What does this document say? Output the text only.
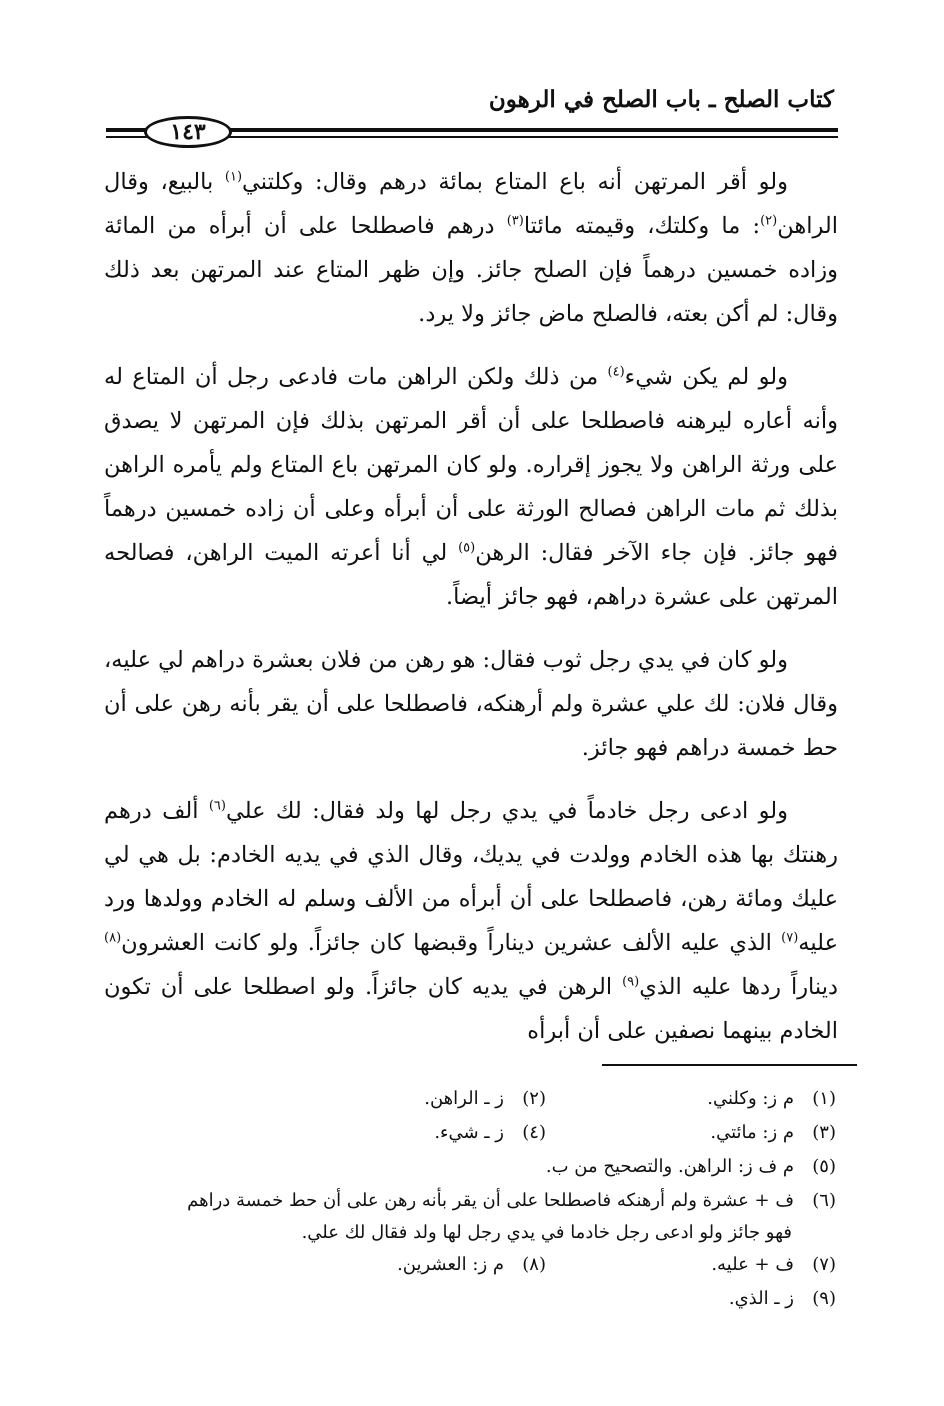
كتاب الصلح ـ باب الصلح في الرهون
١٤٣

ولو أقر المرتهن أنه باع المتاع بمائة درهم وقال: وكلتني$^{(١)}$ بالبيع، وقال الراهن$^{(٢)}$: ما وكلتك، وقيمته مائتا$^{(٣)}$ درهم فاصطلحا على أن أبرأه من المائة وزاده خمسين درهماً فإن الصلح جائز. وإن ظهر المتاع عند المرتهن بعد ذلك وقال: لم أكن بعته، فالصلح ماض جائز ولا يرد.

ولو لم يكن شيء$^{(٤)}$ من ذلك ولكن الراهن مات فادعى رجل أن المتاع له وأنه أعاره ليرهنه فاصطلحا على أن أقر المرتهن بذلك فإن المرتهن لا يصدق على ورثة الراهن ولا يجوز إقراره. ولو كان المرتهن باع المتاع ولم يأمره الراهن بذلك ثم مات الراهن فصالح الورثة على أن أبرأه وعلى أن زاده خمسين درهماً فهو جائز. فإن جاء الآخر فقال: الرهن$^{(٥)}$ لي أنا أعرته الميت الراهن، فصالحه المرتهن على عشرة دراهم، فهو جائز أيضاً.

ولو كان في يدي رجل ثوب فقال: هو رهن من فلان بعشرة دراهم لي عليه، وقال فلان: لك علي عشرة ولم أرهنكه، فاصطلحا على أن يقر بأنه رهن على أن حط خمسة دراهم فهو جائز.

ولو ادعى رجل خادماً في يدي رجل لها ولد فقال: لك علي$^{(٦)}$ ألف درهم رهنتك بها هذه الخادم وولدت في يديك، وقال الذي في يديه الخادم: بل هي لي عليك ومائة رهن، فاصطلحا على أن أبرأه من الألف وسلم له الخادم وولدها ورد عليه$^{(٧)}$ الذي عليه الألف عشرين ديناراً وقبضها كان جائزاً. ولو كانت العشرون$^{(٨)}$ ديناراً ردها عليه الذي$^{(٩)}$ الرهن في يديه كان جائزاً. ولو اصطلحا على أن تكون الخادم بينهما نصفين على أن أبرأه

(١)م ز: وكلني.
(٢)ز ـ الراهن.
(٣)م ز: مائتي.
(٤)ز ـ شيء.
(٥)م ف ز: الراهن. والتصحيح من ب.
(٦)ف + عشرة ولم أرهنكه فاصطلحا على أن يقر بأنه رهن على أن حط خمسة دراهم
فهو جائز ولو ادعى رجل خادما في يدي رجل لها ولد فقال لك علي.
(٧)ف + عليه.
(٨)م ز: العشرين.
(٩)ز ـ الذي.
